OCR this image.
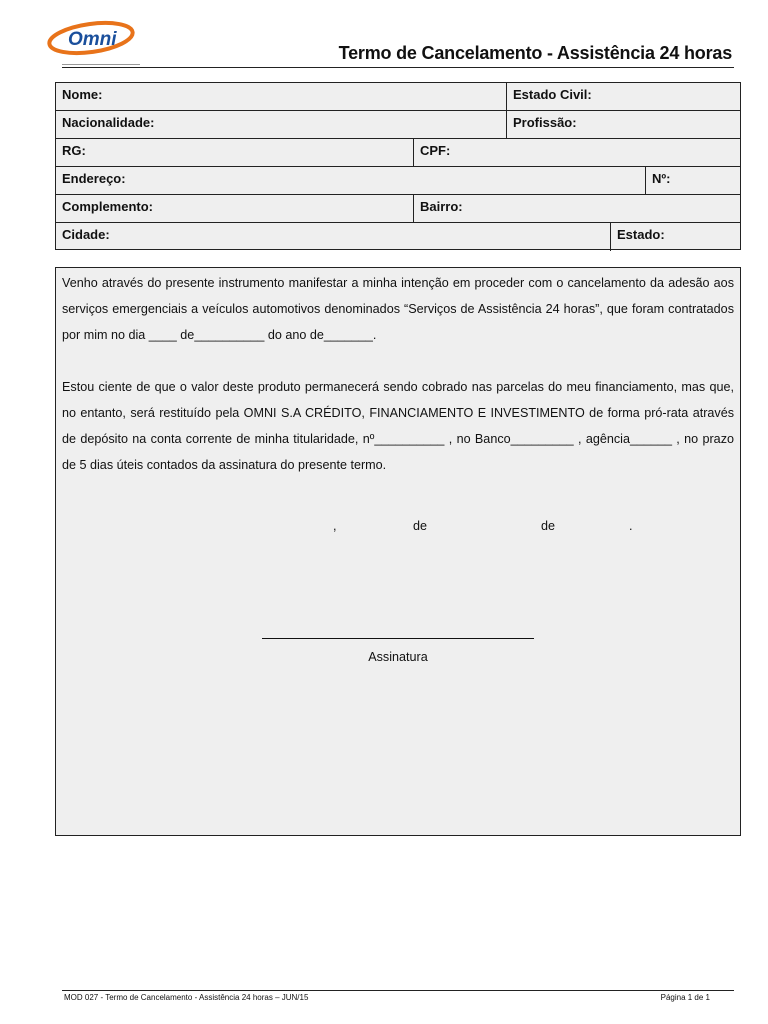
Omni
Termo de Cancelamento - Assistência 24 horas
Nome:	Estado Civil:
Nacionalidade:	Profissão:
RG:	CPF:
Endereço:	Nº:
Complemento:	Bairro:
Cidade:	Estado:

Venho através do presente instrumento manifestar a minha intenção em proceder com o cancelamento da adesão aos serviços emergenciais a veículos automotivos denominados “Serviços de Assistência 24 horas”, que foram contratados por mim no dia ____ de__________ do ano de_______.

Estou ciente de que o valor deste produto permanecerá sendo cobrado nas parcelas do meu financiamento, mas que, no entanto, será restituído pela OMNI S.A CRÉDITO, FINANCIAMENTO E INVESTIMENTO de forma pró-rata através de depósito na conta corrente de minha titularidade, nº__________ , no Banco_________ , agência______ , no prazo de 5 dias úteis contados da assinatura do presente termo.

,	de	de	.
Assinatura
MOD 027 - Termo de Cancelamento - Assistência 24 horas – JUN/15	Página 1 de 1
